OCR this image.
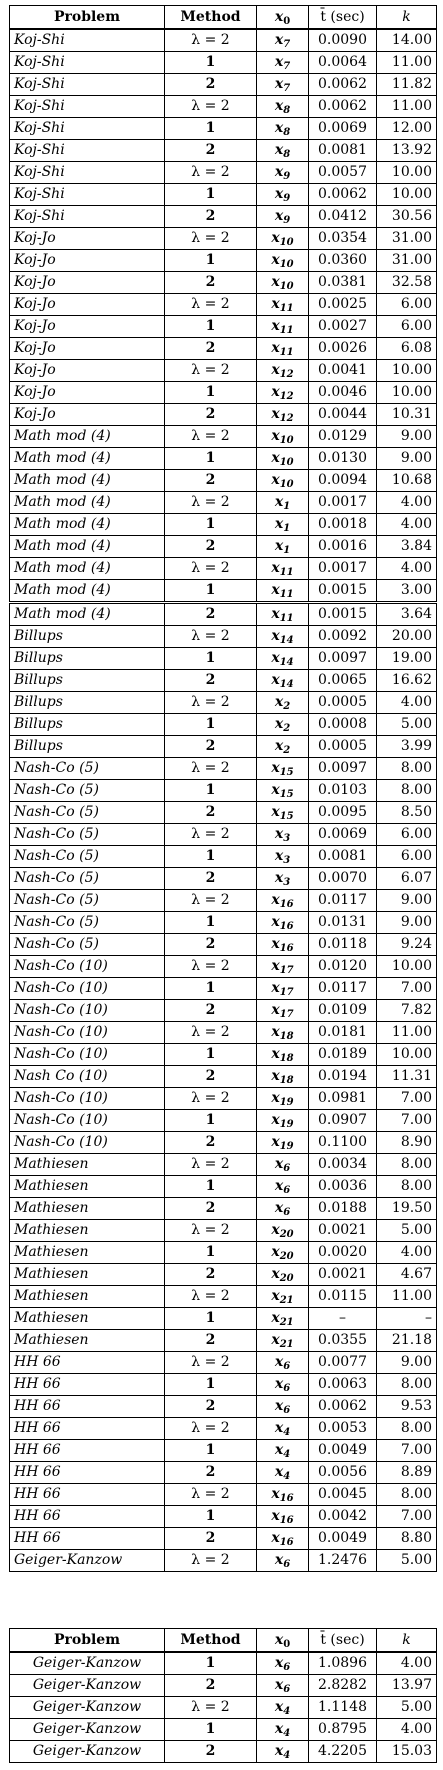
Problem	Method	$x_0$	t̄ (sec)	k
Koj-Shi	λ = 2	$x_7$	0.0090	14.00
Koj-Shi	1	$x_7$	0.0064	11.00
Koj-Shi	2	$x_7$	0.0062	11.82
Koj-Shi	λ = 2	$x_8$	0.0062	11.00
Koj-Shi	1	$x_8$	0.0069	12.00
Koj-Shi	2	$x_8$	0.0081	13.92
Koj-Shi	λ = 2	$x_9$	0.0057	10.00
Koj-Shi	1	$x_9$	0.0062	10.00
Koj-Shi	2	$x_9$	0.0412	30.56
Koj-Jo	λ = 2	$x_{10}$	0.0354	31.00
Koj-Jo	1	$x_{10}$	0.0360	31.00
Koj-Jo	2	$x_{10}$	0.0381	32.58
Koj-Jo	λ = 2	$x_{11}$	0.0025	6.00
Koj-Jo	1	$x_{11}$	0.0027	6.00
Koj-Jo	2	$x_{11}$	0.0026	6.08
Koj-Jo	λ = 2	$x_{12}$	0.0041	10.00
Koj-Jo	1	$x_{12}$	0.0046	10.00
Koj-Jo	2	$x_{12}$	0.0044	10.31
Math mod (4)	λ = 2	$x_{10}$	0.0129	9.00
Math mod (4)	1	$x_{10}$	0.0130	9.00
Math mod (4)	2	$x_{10}$	0.0094	10.68
Math mod (4)	λ = 2	$x_1$	0.0017	4.00
Math mod (4)	1	$x_1$	0.0018	4.00
Math mod (4)	2	$x_1$	0.0016	3.84
Math mod (4)	λ = 2	$x_{11}$	0.0017	4.00
Math mod (4)	1	$x_{11}$	0.0015	3.00
Math mod (4)	2	$x_{11}$	0.0015	3.64
Billups	λ = 2	$x_{14}$	0.0092	20.00
Billups	1	$x_{14}$	0.0097	19.00
Billups	2	$x_{14}$	0.0065	16.62
Billups	λ = 2	$x_2$	0.0005	4.00
Billups	1	$x_2$	0.0008	5.00
Billups	2	$x_2$	0.0005	3.99
Nash-Co (5)	λ = 2	$x_{15}$	0.0097	8.00
Nash-Co (5)	1	$x_{15}$	0.0103	8.00
Nash-Co (5)	2	$x_{15}$	0.0095	8.50
Nash-Co (5)	λ = 2	$x_3$	0.0069	6.00
Nash-Co (5)	1	$x_3$	0.0081	6.00
Nash-Co (5)	2	$x_3$	0.0070	6.07
Nash-Co (5)	λ = 2	$x_{16}$	0.0117	9.00
Nash-Co (5)	1	$x_{16}$	0.0131	9.00
Nash-Co (5)	2	$x_{16}$	0.0118	9.24
Nash-Co (10)	λ = 2	$x_{17}$	0.0120	10.00
Nash-Co (10)	1	$x_{17}$	0.0117	7.00
Nash-Co (10)	2	$x_{17}$	0.0109	7.82
Nash-Co (10)	λ = 2	$x_{18}$	0.0181	11.00
Nash-Co (10)	1	$x_{18}$	0.0189	10.00
Nash Co (10)	2	$x_{18}$	0.0194	11.31
Nash-Co (10)	λ = 2	$x_{19}$	0.0981	7.00
Nash-Co (10)	1	$x_{19}$	0.0907	7.00
Nash-Co (10)	2	$x_{19}$	0.1100	8.90
Mathiesen	λ = 2	$x_6$	0.0034	8.00
Mathiesen	1	$x_6$	0.0036	8.00
Mathiesen	2	$x_6$	0.0188	19.50
Mathiesen	λ = 2	$x_{20}$	0.0021	5.00
Mathiesen	1	$x_{20}$	0.0020	4.00
Mathiesen	2	$x_{20}$	0.0021	4.67
Mathiesen	λ = 2	$x_{21}$	0.0115	11.00
Mathiesen	1	$x_{21}$	–	–
Mathiesen	2	$x_{21}$	0.0355	21.18
HH 66	λ = 2	$x_6$	0.0077	9.00
HH 66	1	$x_6$	0.0063	8.00
HH 66	2	$x_6$	0.0062	9.53
HH 66	λ = 2	$x_4$	0.0053	8.00
HH 66	1	$x_4$	0.0049	7.00
HH 66	2	$x_4$	0.0056	8.89
HH 66	λ = 2	$x_{16}$	0.0045	8.00
HH 66	1	$x_{16}$	0.0042	7.00
HH 66	2	$x_{16}$	0.0049	8.80
Geiger-Kanzow	λ = 2	$x_6$	1.2476	5.00
Problem	Method	$x_0$	t̄ (sec)	k
Geiger-Kanzow	1	$x_6$	1.0896	4.00
Geiger-Kanzow	2	$x_6$	2.8282	13.97
Geiger-Kanzow	λ = 2	$x_4$	1.1148	5.00
Geiger-Kanzow	1	$x_4$	0.8795	4.00
Geiger-Kanzow	2	$x_4$	4.2205	15.03
